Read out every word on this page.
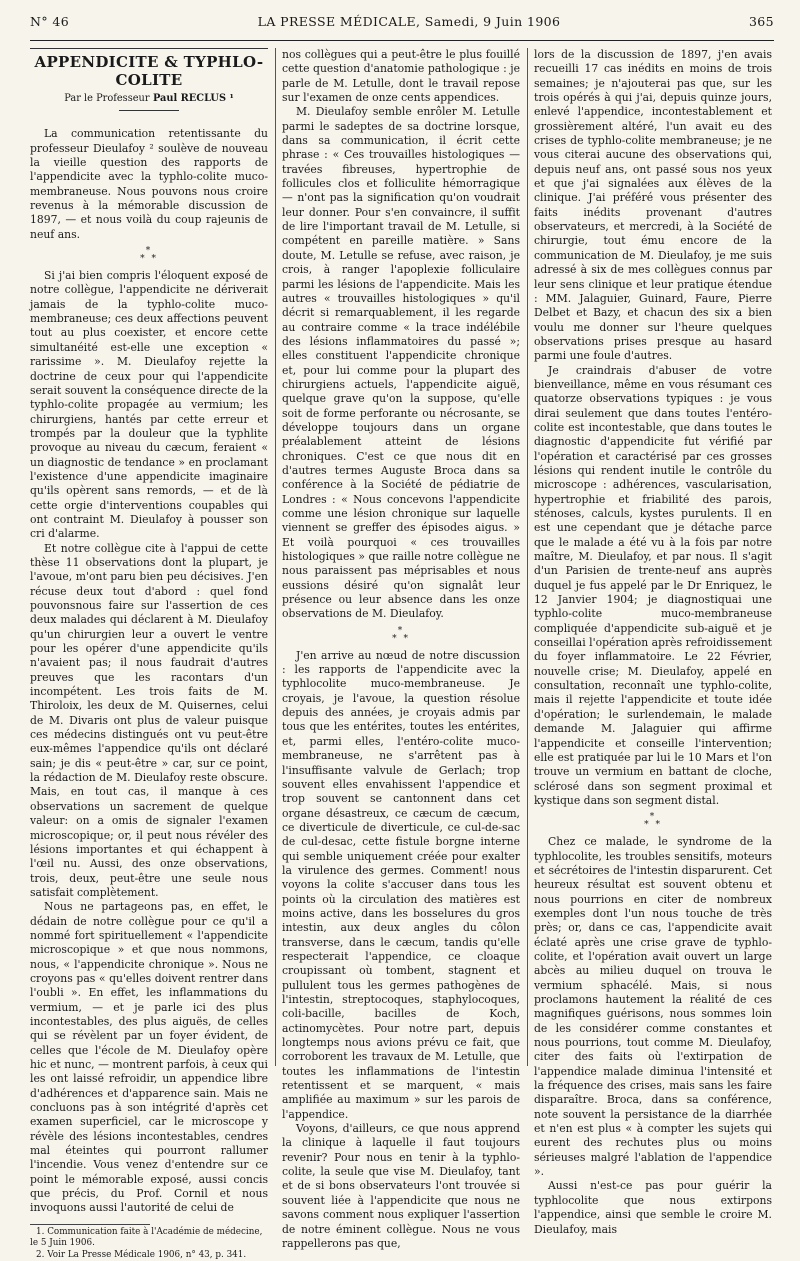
N° 46	LA PRESSE MÉDICALE, Samedi, 9 Juin 1906	365
APPENDICITE & TYPHLO-COLITE
Par le Professeur Paul RECLUS ¹

La communication retentissante du professeur Dieulafoy ² soulève de nouveau la vieille question des rapports de l'appendicite avec la typhlo-colite muco-membraneuse. Nous pouvons nous croire revenus à la mémorable discussion de 1897, — et nous voilà du coup rajeunis de neuf ans.

*
* *

Si j'ai bien compris l'éloquent exposé de notre collègue, l'appendicite ne dériverait jamais de la typhlo-colite muco-membraneuse; ces deux affections peuvent tout au plus coexister, et encore cette simultanéité est-elle une exception « rarissime ». M. Dieulafoy rejette la doctrine de ceux pour qui l'appendicite serait souvent la conséquence directe de la typhlo-colite propagée au vermium; les chirurgiens, hantés par cette erreur et trompés par la douleur que la typhlite provoque au niveau du cæcum, feraient « un diagnostic de tendance » en proclamant l'existence d'une appendicite imaginaire qu'ils opèrent sans remords, — et de là cette orgie d'interventions coupables qui ont contraint M. Dieulafoy à pousser son cri d'alarme.

Et notre collègue cite à l'appui de cette thèse 11 observations dont la plupart, je l'avoue, m'ont paru bien peu décisives. J'en récuse deux tout d'abord : quel fond pouvonsnous faire sur l'assertion de ces deux malades qui déclarent à M. Dieulafoy qu'un chirurgien leur a ouvert le ventre pour les opérer d'une appendicite qu'ils n'avaient pas; il nous faudrait d'autres preuves que les racontars d'un incompétent. Les trois faits de M. Thiroloix, les deux de M. Quisernes, celui de M. Divaris ont plus de valeur puisque ces médecins distingués ont vu peut-être eux-mêmes l'appendice qu'ils ont déclaré sain; je dis « peut-être » car, sur ce point, la rédaction de M. Dieulafoy reste obscure. Mais, en tout cas, il manque à ces observations un sacrement de quelque valeur: on a omis de signaler l'examen microscopique; or, il peut nous révéler des lésions importantes et qui échappent à l'œil nu. Aussi, des onze observations, trois, deux, peut-être une seule nous satisfait complètement.

Nous ne partageons pas, en effet, le dédain de notre collègue pour ce qu'il a nommé fort spirituellement « l'appendicite microscopique » et que nous nommons, nous, « l'appendicite chronique ». Nous ne croyons pas « qu'elles doivent rentrer dans l'oubli ». En effet, les inflammations du vermium, — et je parle ici des plus incontestables, des plus aiguës, de celles qui se révèlent par un foyer évident, de celles que l'école de M. Dieulafoy opère hic et nunc, — montrent parfois, à ceux qui les ont laissé refroidir, un appendice libre d'adhérences et d'apparence sain. Mais ne concluons pas à son intégrité d'après cet examen superficiel, car le microscope y révèle des lésions incontestables, cendres mal éteintes qui pourront rallumer l'incendie. Vous venez d'entendre sur ce point le mémorable exposé, aussi concis que précis, du Prof. Cornil et nous invoquons aussi l'autorité de celui de

1. Communication faite à l'Académie de médecine, le 5 Juin 1906.
2. Voir La Presse Médicale 1906, n° 43, p. 341.

nos collègues qui a peut-être le plus fouillé cette question d'anatomie pathologique : je parle de M. Letulle, dont le travail repose sur l'examen de onze cents appendices.

M. Dieulafoy semble enrôler M. Letulle parmi le sadeptes de sa doctrine lorsque, dans sa communication, il écrit cette phrase : « Ces trouvailles histologiques — travées fibreuses, hypertrophie de follicules clos et folliculite hémorragique — n'ont pas la signification qu'on voudrait leur donner. Pour s'en convaincre, il suffit de lire l'important travail de M. Letulle, si compétent en pareille matière. » Sans doute, M. Letulle se refuse, avec raison, je crois, à ranger l'apoplexie folliculaire parmi les lésions de l'appendicite. Mais les autres « trouvailles histologiques » qu'il décrit si remarquablement, il les regarde au contraire comme « la trace indélébile des lésions inflammatoires du passé »; elles constituent l'appendicite chronique et, pour lui comme pour la plupart des chirurgiens actuels, l'appendicite aiguë, quelque grave qu'on la suppose, qu'elle soit de forme perforante ou nécrosante, se développe toujours dans un organe préalablement atteint de lésions chroniques. C'est ce que nous dit en d'autres termes Auguste Broca dans sa conférence à la Société de pédiatrie de Londres : « Nous concevons l'appendicite comme une lésion chronique sur laquelle viennent se greffer des épisodes aigus. » Et voilà pourquoi « ces trouvailles histologiques » que raille notre collègue ne nous paraissent pas méprisables et nous eussions désiré qu'on signalât leur présence ou leur absence dans les onze observations de M. Dieulafoy.

*
* *

J'en arrive au nœud de notre discussion : les rapports de l'appendicite avec la typhlocolite muco-membraneuse. Je croyais, je l'avoue, la question résolue depuis des années, je croyais admis par tous que les entérites, toutes les entérites, et, parmi elles, l'entéro-colite muco-membraneuse, ne s'arrêtent pas à l'insuffisante valvule de Gerlach; trop souvent elles envahissent l'appendice et trop souvent se cantonnent dans cet organe désastreux, ce cæcum de cæcum, ce diverticule de diverticule, ce cul-de-sac de cul-desac, cette fistule borgne interne qui semble uniquement créée pour exalter la virulence des germes. Comment! nous voyons la colite s'accuser dans tous les points où la circulation des matières est moins active, dans les bosselures du gros intestin, aux deux angles du côlon transverse, dans le cæcum, tandis qu'elle respecterait l'appendice, ce cloaque croupissant où tombent, stagnent et pullulent tous les germes pathogènes de l'intestin, streptocoques, staphylocoques, coli-bacille, bacilles de Koch, actinomycètes. Pour notre part, depuis longtemps nous avions prévu ce fait, que corroborent les travaux de M. Letulle, que toutes les inflammations de l'intestin retentissent et se marquent, « mais amplifiée au maximum » sur les parois de l'appendice.

Voyons, d'ailleurs, ce que nous apprend la clinique à laquelle il faut toujours revenir? Pour nous en tenir à la typhlo-colite, la seule que vise M. Dieulafoy, tant et de si bons observateurs l'ont trouvée si souvent liée à l'appendicite que nous ne savons comment nous expliquer l'assertion de notre éminent collègue. Nous ne vous rappellerons pas que,

lors de la discussion de 1897, j'en avais recueilli 17 cas inédits en moins de trois semaines; je n'ajouterai pas que, sur les trois opérés à qui j'ai, depuis quinze jours, enlevé l'appendice, incontestablement et grossièrement altéré, l'un avait eu des crises de typhlo-colite membraneuse; je ne vous citerai aucune des observations qui, depuis neuf ans, ont passé sous nos yeux et que j'ai signalées aux élèves de la clinique. J'ai préféré vous présenter des faits inédits provenant d'autres observateurs, et mercredi, à la Société de chirurgie, tout ému encore de la communication de M. Dieulafoy, je me suis adressé à six de mes collègues connus par leur sens clinique et leur pratique étendue : MM. Jalaguier, Guinard, Faure, Pierre Delbet et Bazy, et chacun des six a bien voulu me donner sur l'heure quelques observations prises presque au hasard parmi une foule d'autres.

Je craindrais d'abuser de votre bienveillance, même en vous résumant ces quatorze observations typiques : je vous dirai seulement que dans toutes l'entéro-colite est incontestable, que dans toutes le diagnostic d'appendicite fut vérifié par l'opération et caractérisé par ces grosses lésions qui rendent inutile le contrôle du microscope : adhérences, vascularisation, hypertrophie et friabilité des parois, sténoses, calculs, kystes purulents. Il en est une cependant que je détache parce que le malade a été vu à la fois par notre maître, M. Dieulafoy, et par nous. Il s'agit d'un Parisien de trente-neuf ans auprès duquel je fus appelé par le Dr Enriquez, le 12 Janvier 1904; je diagnostiquai une typhlo-colite muco-membraneuse compliquée d'appendicite sub-aiguë et je conseillai l'opération après refroidissement du foyer inflammatoire. Le 22 Février, nouvelle crise; M. Dieulafoy, appelé en consultation, reconnaît une typhlo-colite, mais il rejette l'appendicite et toute idée d'opération; le surlendemain, le malade demande M. Jalaguier qui affirme l'appendicite et conseille l'intervention; elle est pratiquée par lui le 10 Mars et l'on trouve un vermium en battant de cloche, sclérosé dans son segment proximal et kystique dans son segment distal.

*
* *

Chez ce malade, le syndrome de la typhlocolite, les troubles sensitifs, moteurs et sécrétoires de l'intestin disparurent. Cet heureux résultat est souvent obtenu et nous pourrions en citer de nombreux exemples dont l'un nous touche de très près; or, dans ce cas, l'appendicite avait éclaté après une crise grave de typhlo-colite, et l'opération avait ouvert un large abcès au milieu duquel on trouva le vermium sphacélé. Mais, si nous proclamons hautement la réalité de ces magnifiques guérisons, nous sommes loin de les considérer comme constantes et nous pourrions, tout comme M. Dieulafoy, citer des faits où l'extirpation de l'appendice malade diminua l'intensité et la fréquence des crises, mais sans les faire disparaître. Broca, dans sa conférence, note souvent la persistance de la diarrhée et n'en est plus « à compter les sujets qui eurent des rechutes plus ou moins sérieuses malgré l'ablation de l'appendice ».

Aussi n'est-ce pas pour guérir la typhlocolite que nous extirpons l'appendice, ainsi que semble le croire M. Dieulafoy, mais
